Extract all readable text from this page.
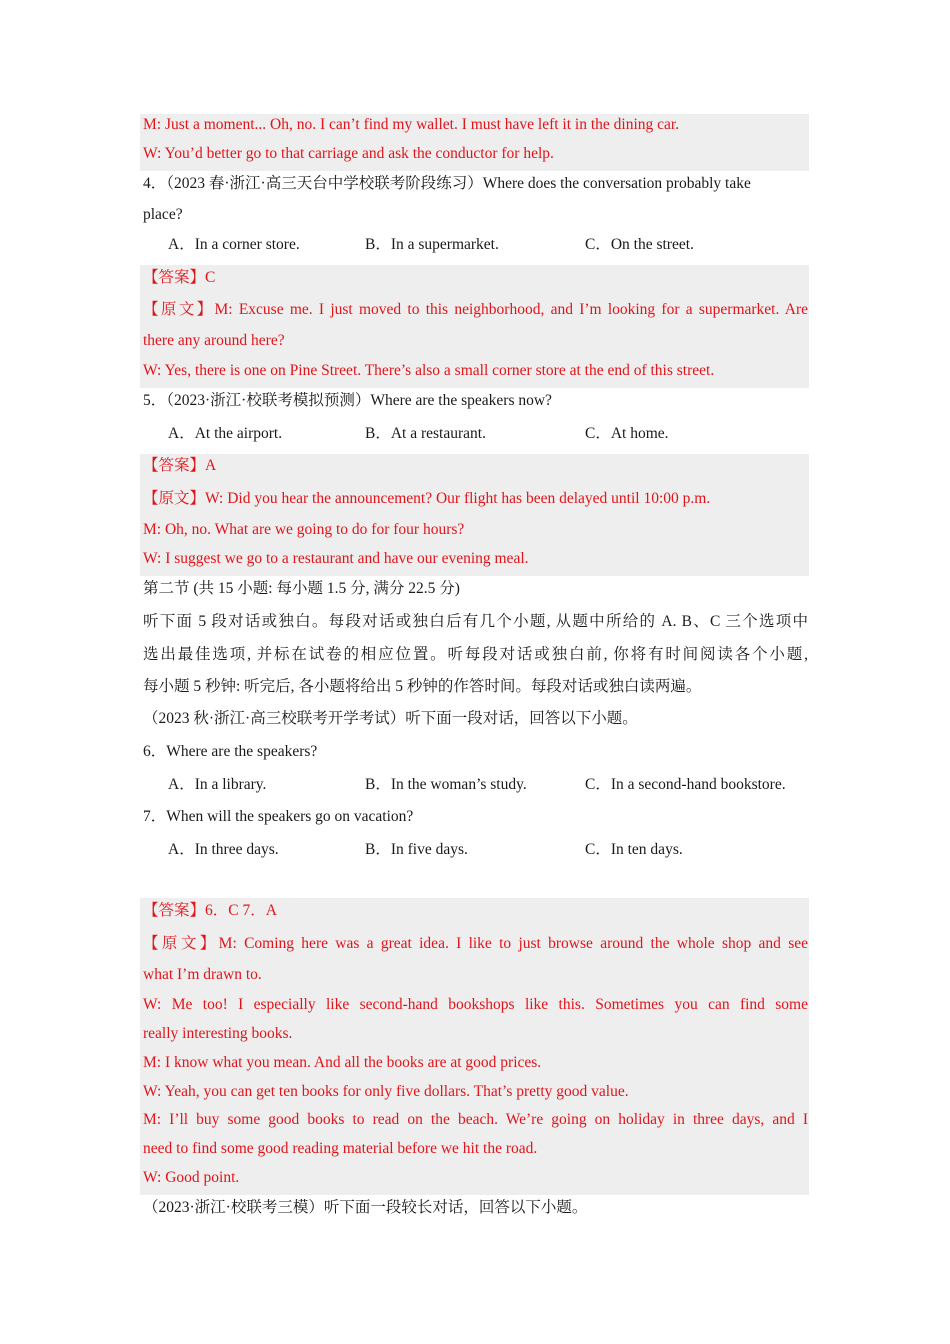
M: Just a moment... Oh, no. I can’t find my wallet. I must have left it in the dining car.
W: You’d better go to that carriage and ask the conductor for help.
4．（2023 春·浙江·高三天台中学校联考阶段练习）Where does the conversation probably take
place?
A．In a corner store.	B．In a supermarket.	C．On the street.
【答案】C
【原文】M: Excuse me. I just moved to this neighborhood, and I’m looking for a supermarket. Are
there any around here?
W: Yes, there is one on Pine Street. There’s also a small corner store at the end of this street.
5．（2023·浙江·校联考模拟预测）Where are the speakers now?
A．At the airport.	B．At a restaurant.	C．At home.
【答案】A
【原文】W: Did you hear the announcement? Our flight has been delayed until 10:00 p.m.
M: Oh, no. What are we going to do for four hours?
W: I suggest we go to a restaurant and have our evening meal.
第二节 (共 15 小题: 每小题 1.5 分, 满分 22.5 分)
听下面 5 段对话或独白。每段对话或独白后有几个小题, 从题中所给的 A. B、C 三个选项中
选出最佳选项, 并标在试卷的相应位置。听每段对话或独白前, 你将有时间阅读各个小题,
每小题 5 秒钟: 听完后, 各小题将给出 5 秒钟的作答时间。每段对话或独白读两遍。
（2023 秋·浙江·高三校联考开学考试）听下面一段对话，回答以下小题。
6．Where are the speakers?
A．In a library.	B．In the woman’s study.	C．In a second-hand bookstore.
7．When will the speakers go on vacation?
A．In three days.	B．In five days.	C．In ten days.
【答案】6．C 7．A
【原文】M: Coming here was a great idea. I like to just browse around the whole shop and see
what I’m drawn to.
W: Me too! I especially like second-hand bookshops like this. Sometimes you can find some
really interesting books.
M: I know what you mean. And all the books are at good prices.
W: Yeah, you can get ten books for only five dollars. That’s pretty good value.
M: I’ll buy some good books to read on the beach. We’re going on holiday in three days, and I
need to find some good reading material before we hit the road.
W: Good point.
（2023·浙江·校联考三模）听下面一段较长对话，回答以下小题。
